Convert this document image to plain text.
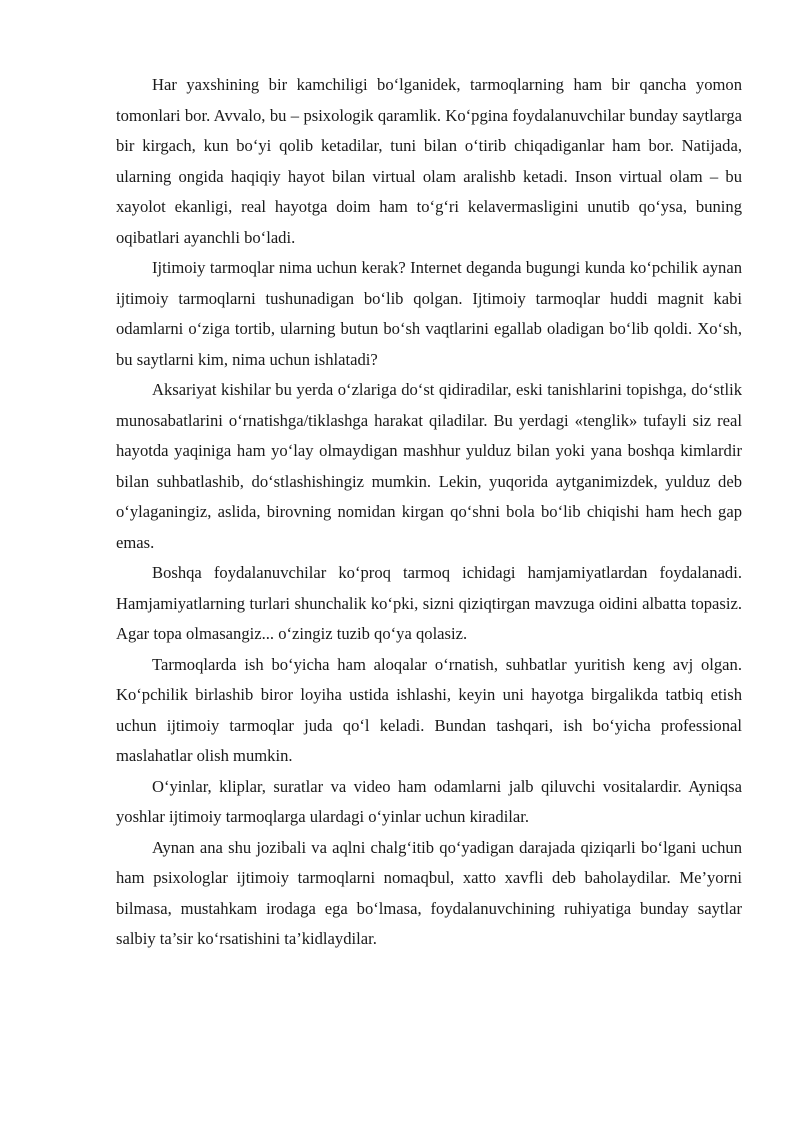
Har yaxshining bir kamchiligi bo‘lganidek, tarmoqlarning ham bir qancha yomon tomonlari bor. Avvalo, bu – psixologik qaramlik. Ko‘pgina foydalanuvchilar bunday saytlarga bir kirgach, kun bo‘yi qolib ketadilar, tuni bilan o‘tirib chiqadiganlar ham bor. Natijada, ularning ongida haqiqiy hayot bilan virtual olam aralishb ketadi. Inson virtual olam – bu xayolot ekanligi, real hayotga doim ham to‘g‘ri kelavermasligini unutib qo‘ysa, buning oqibatlari ayanchli bo‘ladi.

Ijtimoiy tarmoqlar nima uchun kerak? Internet deganda bugungi kunda ko‘pchilik aynan ijtimoiy tarmoqlarni tushunadigan bo‘lib qolgan. Ijtimoiy tarmoqlar huddi magnit kabi odamlarni o‘ziga tortib, ularning butun bo‘sh vaqtlarini egallab oladigan bo‘lib qoldi. Xo‘sh, bu saytlarni kim, nima uchun ishlatadi?

Aksariyat kishilar bu yerda o‘zlariga do‘st qidiradilar, eski tanishlarini topishga, do‘stlik munosabatlarini o‘rnatishga/tiklashga harakat qiladilar. Bu yerdagi «tenglik» tufayli siz real hayotda yaqiniga ham yo‘lay olmaydigan mashhur yulduz bilan yoki yana boshqa kimlardir bilan suhbatlashib, do‘stlashishingiz mumkin. Lekin, yuqorida aytganimizdek, yulduz deb o‘ylaganingiz, aslida, birovning nomidan kirgan qo‘shni bola bo‘lib chiqishi ham hech gap emas.

Boshqa foydalanuvchilar ko‘proq tarmoq ichidagi hamjamiyatlardan foydalanadi. Hamjamiyatlarning turlari shunchalik ko‘pki, sizni qiziqtirgan mavzuga oidini albatta topasiz. Agar topa olmasangiz... o‘zingiz tuzib qo‘ya qolasiz.

Tarmoqlarda ish bo‘yicha ham aloqalar o‘rnatish, suhbatlar yuritish keng avj olgan. Ko‘pchilik birlashib biror loyiha ustida ishlashi, keyin uni hayotga birgalikda tatbiq etish uchun ijtimoiy tarmoqlar juda qo‘l keladi. Bundan tashqari, ish bo‘yicha professional maslahatlar olish mumkin.

O‘yinlar, kliplar, suratlar va video ham odamlarni jalb qiluvchi vositalardir. Ayniqsa yoshlar ijtimoiy tarmoqlarga ulardagi o‘yinlar uchun kiradilar.

Aynan ana shu jozibali va aqlni chalg‘itib qo‘yadigan darajada qiziqarli bo‘lgani uchun ham psixologlar ijtimoiy tarmoqlarni nomaqbul, xatto xavfli deb baholaydilar. Me’yorni bilmasa, mustahkam irodaga ega bo‘lmasa, foydalanuvchining ruhiyatiga bunday saytlar salbiy ta’sir ko‘rsatishini ta’kidlaydilar.
